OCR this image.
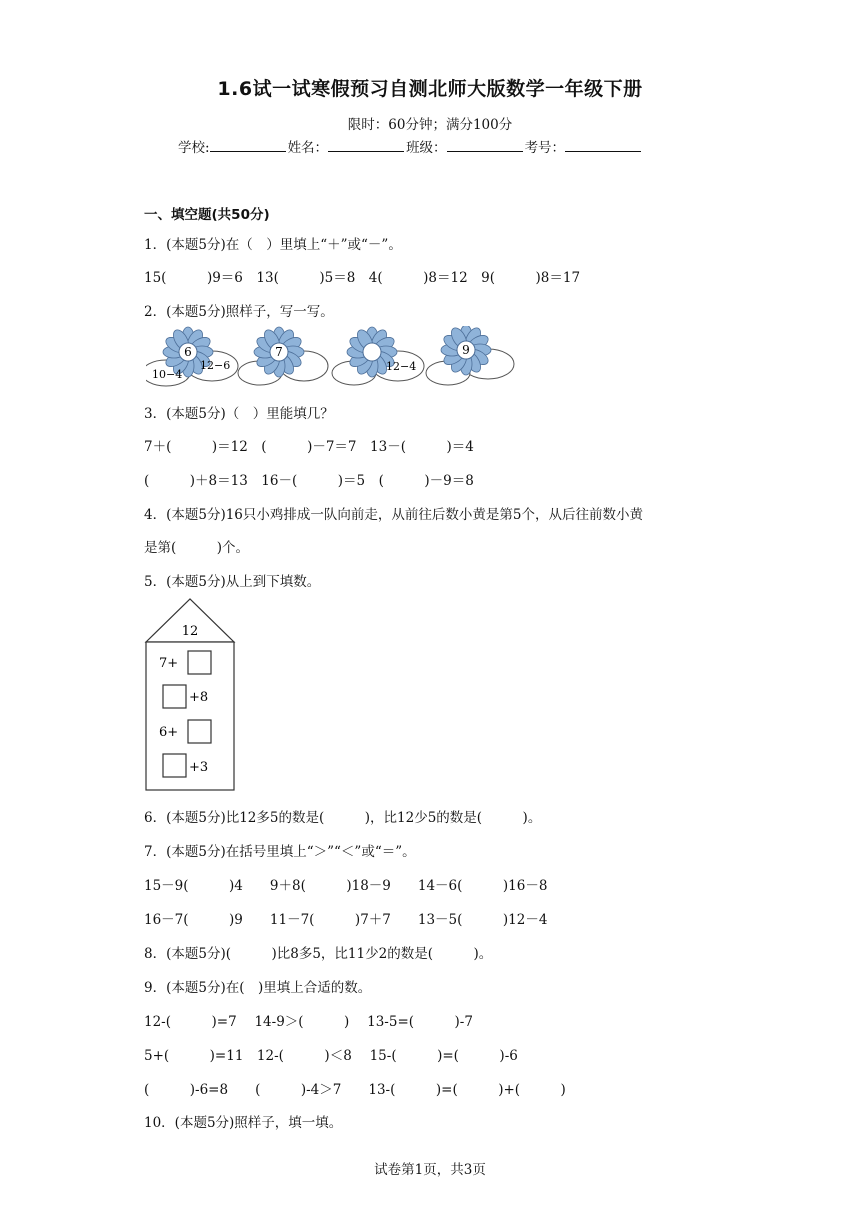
1.6试一试寒假预习自测北师大版数学一年级下册
限时：60分钟；满分100分
学校:	姓名：	班级：	考号：
一、填空题(共50分)
1．(本题5分)在（　）里填上“＋”或“－”。
15(　　　)9＝6　13(　　　)5＝8　4(　　　)8＝12　9(　　　)8＝17
2．(本题5分)照样子，写一写。
6
10−4
12−6
7
12−4
9
3．(本题5分)（　）里能填几？
7＋(　　　)＝12　(　　　)－7＝7　13－(　　　)＝4
(　　　)＋8＝13　16－(　　　)＝5　(　　　)－9＝8
4．(本题5分)16只小鸡排成一队向前走，从前往后数小黄是第5个，从后往前数小黄
是第(　　　)个。
5．(本题5分)从上到下填数。
12
7+
+8
6+
+3
6．(本题5分)比12多5的数是(　　　)，比12少5的数是(　　　)。
7．(本题5分)在括号里填上“＞”“＜”或“＝”。
15－9(　　　)4　　9＋8(　　　)18－9　　14－6(　　　)16－8
16－7(　　　)9　　11－7(　　　)7＋7　　13－5(　　　)12－4
8．(本题5分)(　　　)比8多5，比11少2的数是(　　　)。
9．(本题5分)在(　)里填上合适的数。
12-(　　　)=7　 14-9＞(　　　)　 13-5=(　　　)-7
5+(　　　)=11　12-(　　　)＜8　 15-(　　　)=(　　　)-6
(　　　)-6=8　　(　　　)-4＞7　　13-(　　　)=(　　　)+(　　　)
10．(本题5分)照样子，填一填。
试卷第1页，共3页
